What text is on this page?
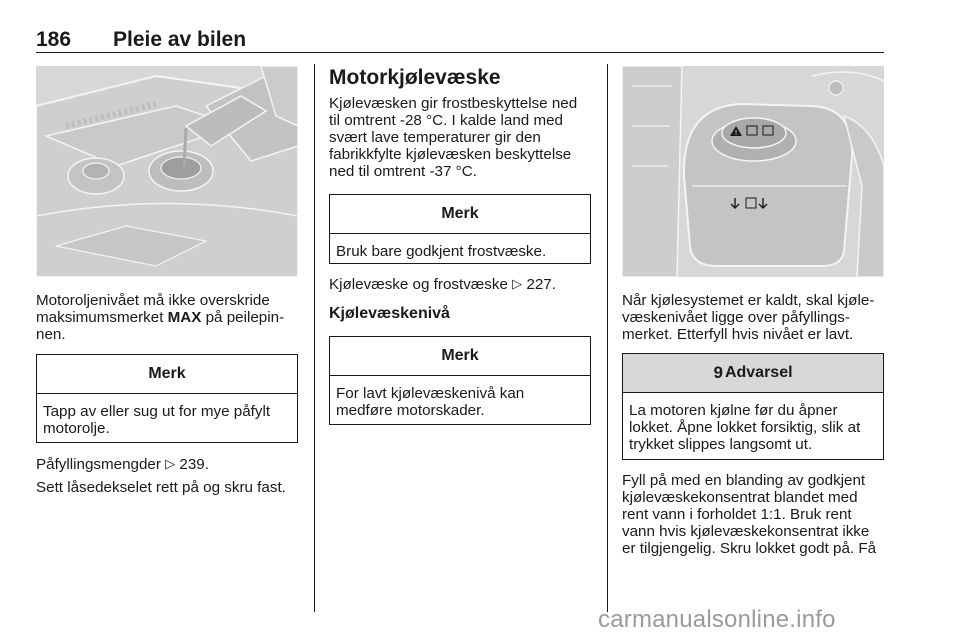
186 Pleie av bilen

Motoroljenivået må ikke overskride
maksimumsmerket MAX på peilepin-
nen.

Merk
Tapp av eller sug ut for mye påfylt
motorolje.

Påfyllingsmengder ▷ 239.

Sett låsedekselet rett på og skru fast.

Motorkjølevæske

Kjølevæsken gir frostbeskyttelse ned
til omtrent -28 °C. I kalde land med
svært lave temperaturer gir den
fabrikkfylte kjølevæsken beskyttelse
ned til omtrent -37 °C.

Merk
Bruk bare godkjent frostvæske.

Kjølevæske og frostvæske ▷ 227.

Kjølevæskenivå
Merk
For lavt kjølevæskenivå kan
medføre motorskader.
!

Når kjølesystemet er kaldt, skal kjøle-
væskenivået ligge over påfyllings-
merket. Etterfyll hvis nivået er lavt.

9 Advarsel
La motoren kjølne før du åpner
lokket. Åpne lokket forsiktig, slik at
trykket slippes langsomt ut.

Fyll på med en blanding av godkjent
kjølevæskekonsentrat blandet med
rent vann i forholdet 1:1. Bruk rent
vann hvis kjølevæskekonsentrat ikke
er tilgjengelig. Skru lokket godt på. Få

carmanualsonline.info
